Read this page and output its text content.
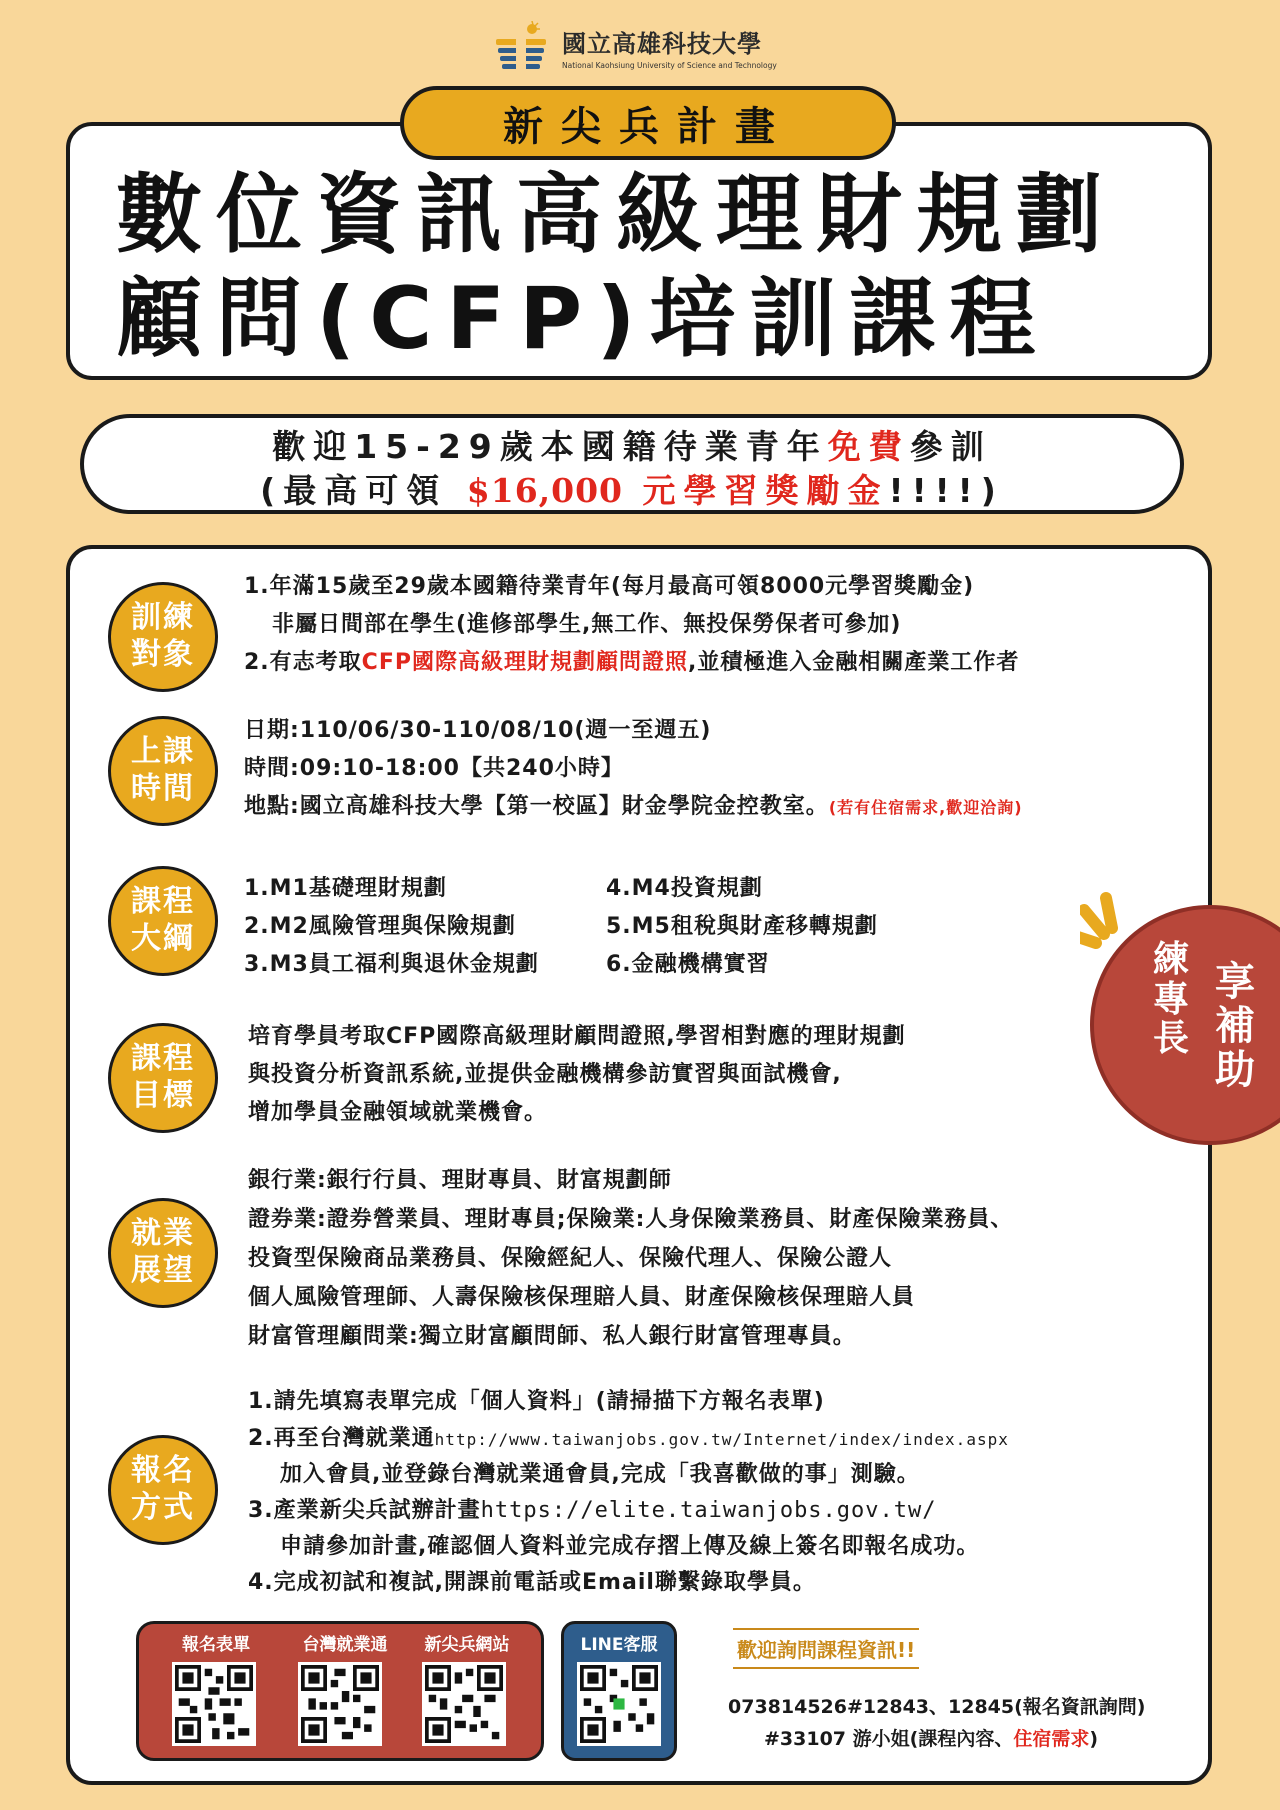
國立高雄科技大學
National Kaohsiung University of Science and Technology
新尖兵計畫
數位資訊高級理財規劃
顧問(CFP)培訓課程
歡迎15-29歲本國籍待業青年免費參訓
(最高可領 $16,000 元學習獎勵金!!!!)
訓練
對象
1.年滿15歲至29歲本國籍待業青年(每月最高可領8000元學習獎勵金)
非屬日間部在學生(進修部學生,無工作、無投保勞保者可參加)
2.有志考取CFP國際高級理財規劃顧問證照,並積極進入金融相關產業工作者
上課
時間
日期:110/06/30-110/08/10(週一至週五)
時間:09:10-18:00【共240小時】
地點:國立高雄科技大學【第一校區】財金學院金控教室。(若有住宿需求,歡迎洽詢)
課程
大綱
1.M1基礎理財規劃
2.M2風險管理與保險規劃
3.M3員工福利與退休金規劃
4.M4投資規劃
5.M5租稅與財產移轉規劃
6.金融機構實習
課程
目標
培育學員考取CFP國際高級理財顧問證照,學習相對應的理財規劃
與投資分析資訊系統,並提供金融機構參訪實習與面試機會,
增加學員金融領域就業機會。
就業
展望
銀行業:銀行行員、理財專員、財富規劃師
證券業:證券營業員、理財專員;保險業:人身保險業務員、財產保險業務員、
投資型保險商品業務員、保險經紀人、保險代理人、保險公證人
個人風險管理師、人壽保險核保理賠人員、財產保險核保理賠人員
財富管理顧問業:獨立財富顧問師、私人銀行財富管理專員。
報名
方式
1.請先填寫表單完成「個人資料」(請掃描下方報名表單)
2.再至台灣就業通http://www.taiwanjobs.gov.tw/Internet/index/index.aspx
加入會員,並登錄台灣就業通會員,完成「我喜歡做的事」測驗。
3.產業新尖兵試辦計畫https://elite.taiwanjobs.gov.tw/
申請參加計畫,確認個人資料並完成存摺上傳及線上簽名即報名成功。
4.完成初試和複試,開課前電話或Email聯繫錄取學員。
享
補
助
練
專
長
報名表單	台灣就業通	新尖兵網站	LINE客服	歡迎詢問課程資訊!!
073814526#12843、12845(報名資訊詢問)
#33107 游小姐(課程內容、住宿需求)
